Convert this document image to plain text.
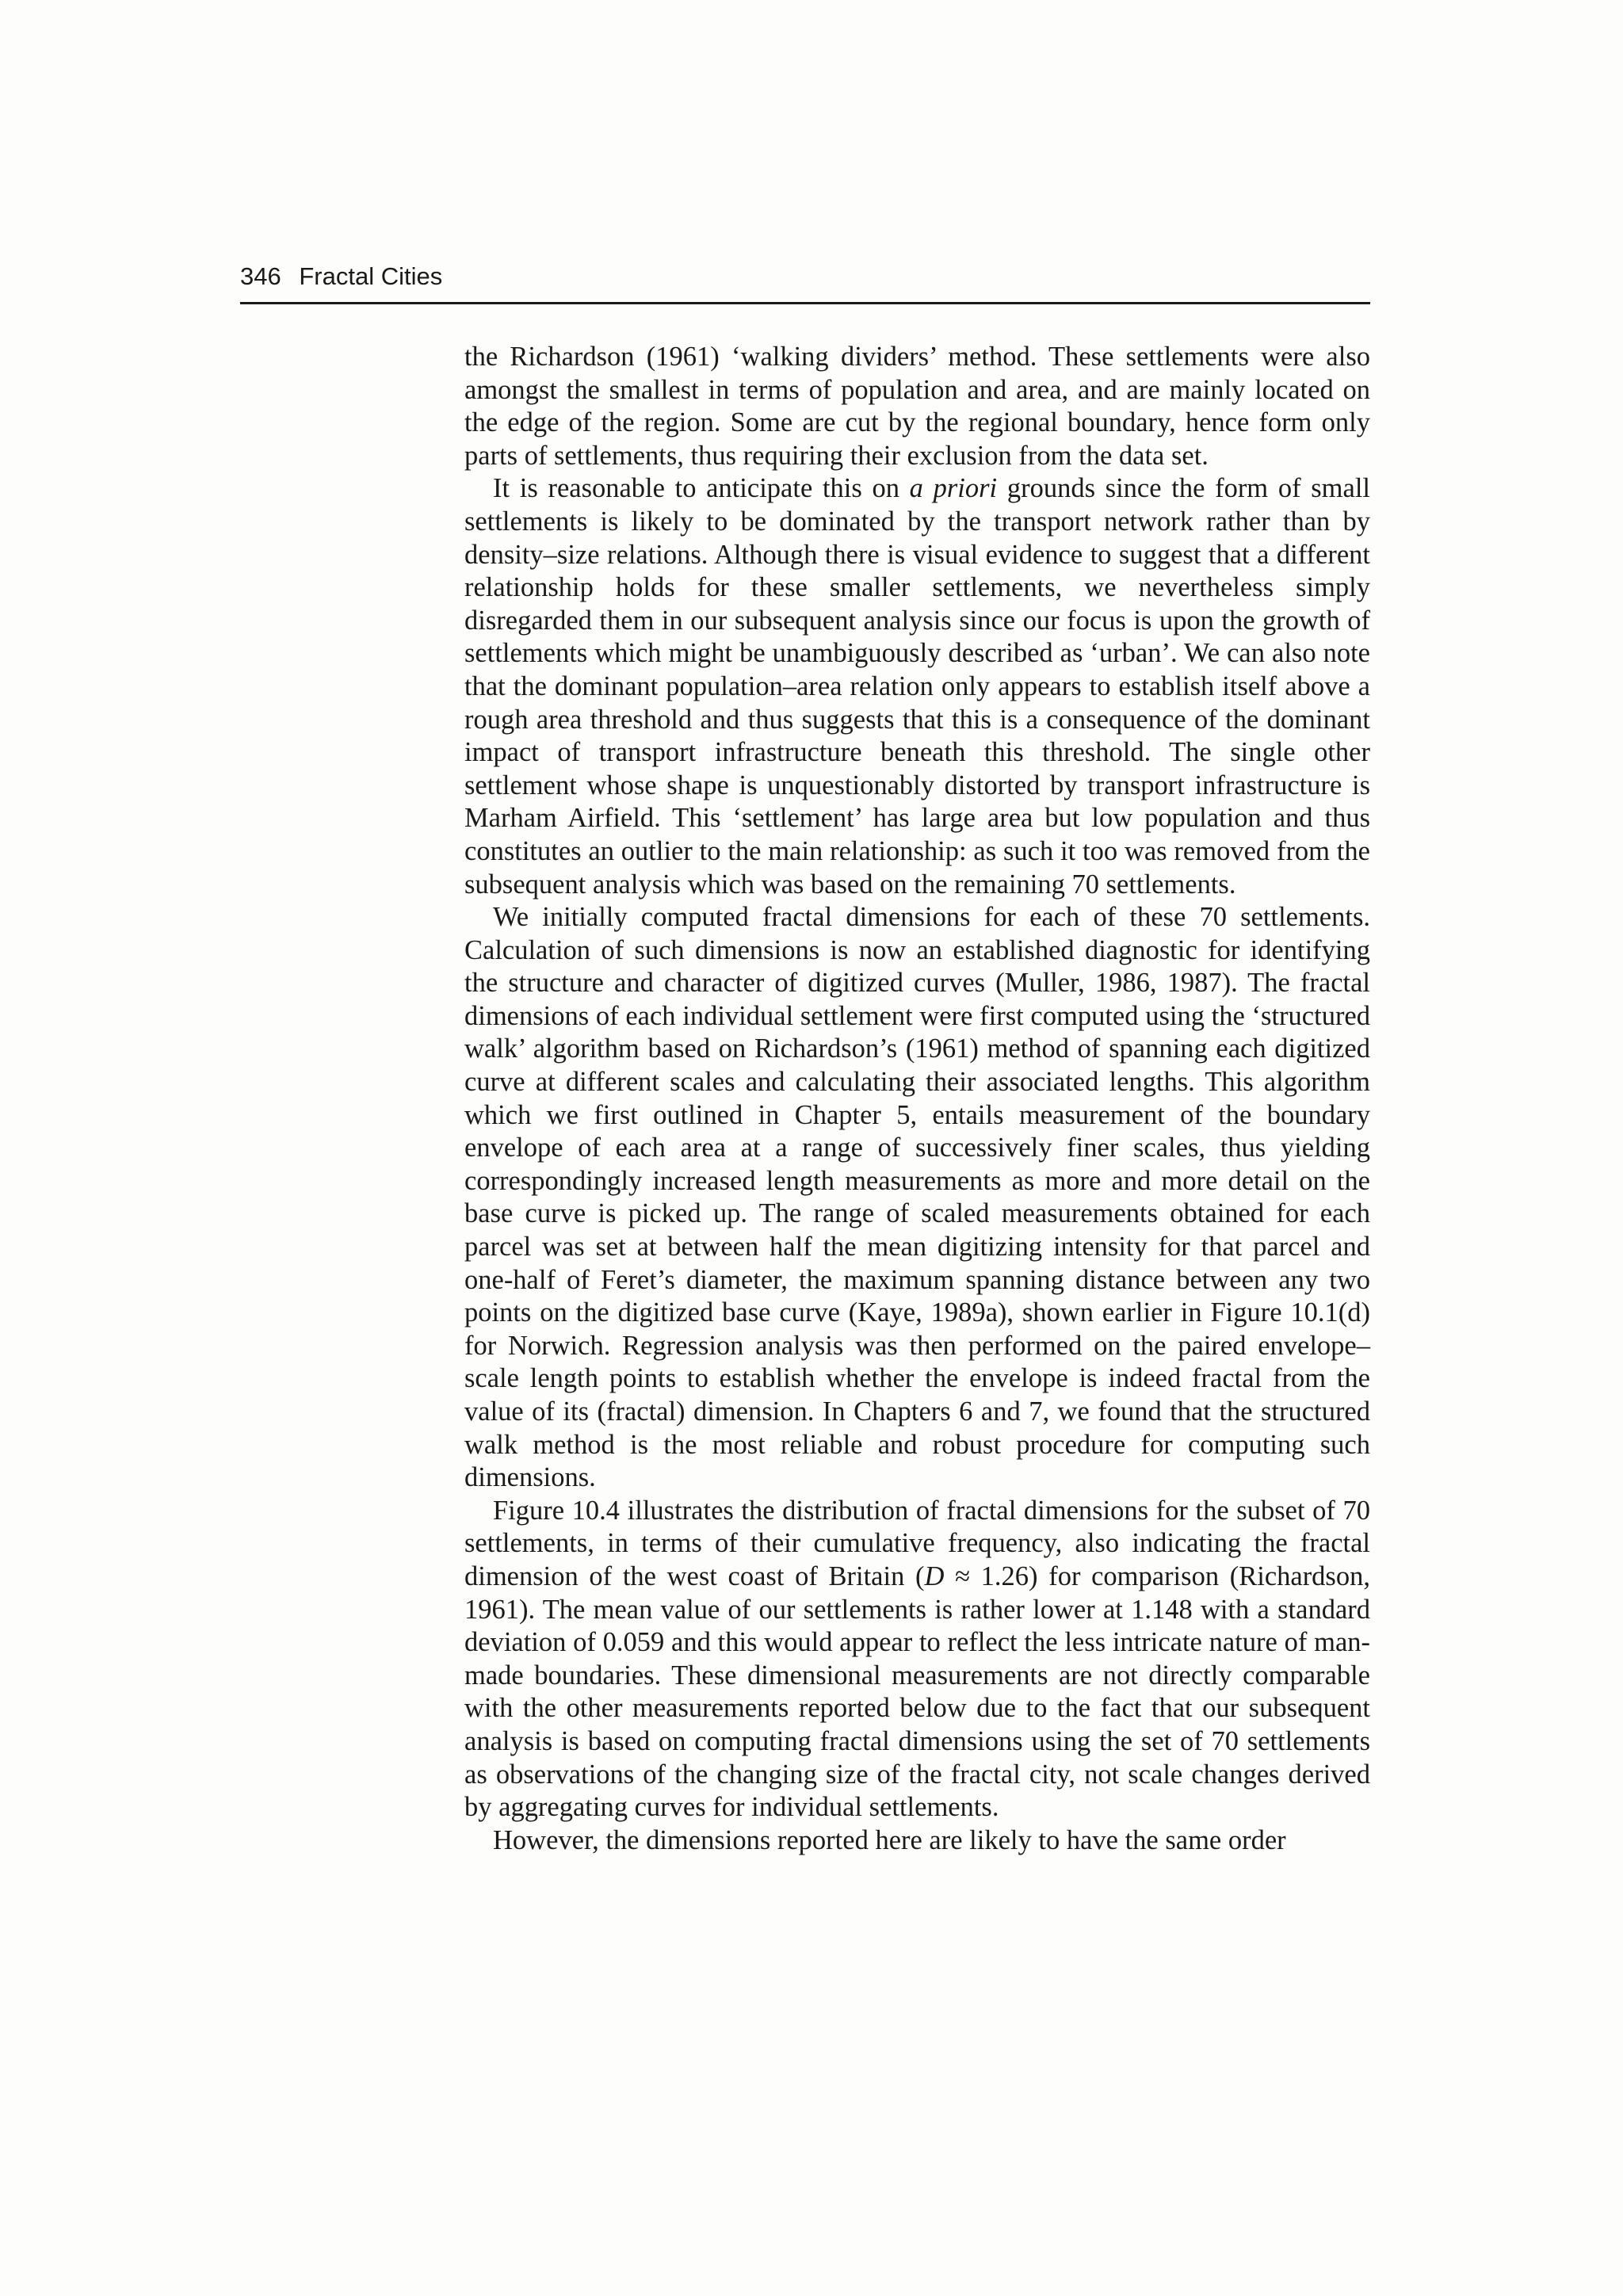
346 Fractal Cities

the Richardson (1961) ‘walking dividers’ method. These settlements were also amongst the smallest in terms of population and area, and are mainly located on the edge of the region. Some are cut by the regional boundary, hence form only parts of settlements, thus requiring their exclusion from the data set.

It is reasonable to anticipate this on a priori grounds since the form of small settlements is likely to be dominated by the transport network rather than by density–size relations. Although there is visual evidence to suggest that a different relationship holds for these smaller settlements, we nevertheless simply disregarded them in our subsequent analysis since our focus is upon the growth of settlements which might be unambiguously described as ‘urban’. We can also note that the dominant population–area relation only appears to establish itself above a rough area threshold and thus suggests that this is a consequence of the dominant impact of transport infrastructure beneath this threshold. The single other settlement whose shape is unquestionably distorted by transport infrastructure is Marham Airfield. This ‘settlement’ has large area but low population and thus constitutes an outlier to the main relationship: as such it too was removed from the subsequent analysis which was based on the remaining 70 settlements.

We initially computed fractal dimensions for each of these 70 settlements. Calculation of such dimensions is now an established diagnostic for identifying the structure and character of digitized curves (Muller, 1986, 1987). The fractal dimensions of each individual settlement were first computed using the ‘structured walk’ algorithm based on Richardson’s (1961) method of spanning each digitized curve at different scales and calculating their associated lengths. This algorithm which we first outlined in Chapter 5, entails measurement of the boundary envelope of each area at a range of successively finer scales, thus yielding correspondingly increased length measurements as more and more detail on the base curve is picked up. The range of scaled measurements obtained for each parcel was set at between half the mean digitizing intensity for that parcel and one-half of Feret’s diameter, the maximum spanning distance between any two points on the digitized base curve (Kaye, 1989a), shown earlier in Figure 10.1(d) for Norwich. Regression analysis was then performed on the paired envelope–scale length points to establish whether the envelope is indeed fractal from the value of its (fractal) dimension. In Chapters 6 and 7, we found that the structured walk method is the most reliable and robust procedure for computing such dimensions.

Figure 10.4 illustrates the distribution of fractal dimensions for the subset of 70 settlements, in terms of their cumulative frequency, also indicating the fractal dimension of the west coast of Britain (D ≈ 1.26) for comparison (Richardson, 1961). The mean value of our settlements is rather lower at 1.148 with a standard deviation of 0.059 and this would appear to reflect the less intricate nature of man-made boundaries. These dimensional measurements are not directly comparable with the other measurements reported below due to the fact that our subsequent analysis is based on computing fractal dimensions using the set of 70 settlements as observations of the changing size of the fractal city, not scale changes derived by aggregating curves for individual settlements.

However, the dimensions reported here are likely to have the same order
